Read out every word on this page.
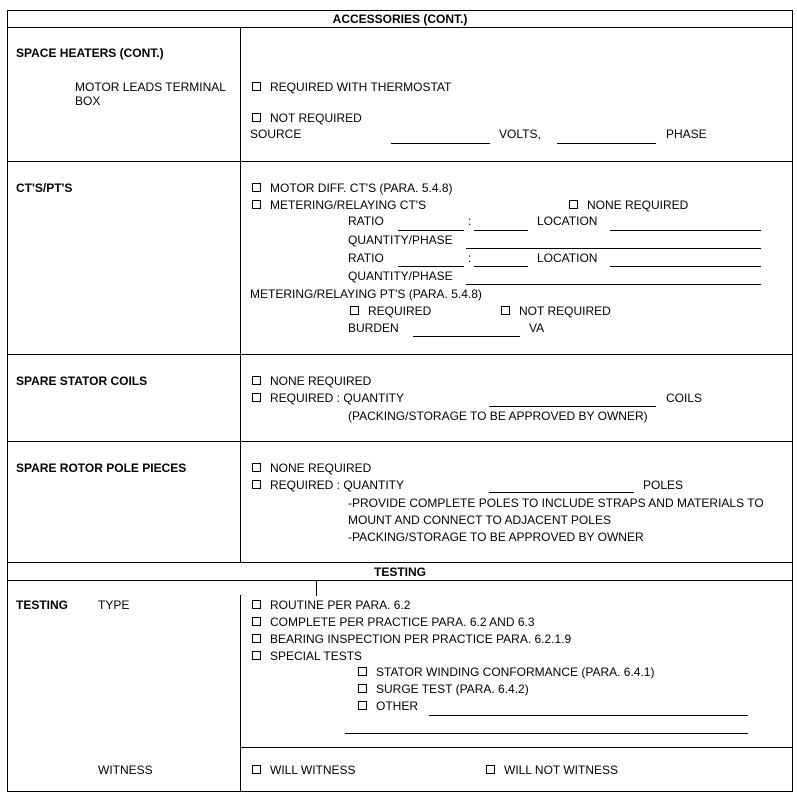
ACCESSORIES (CONT.)
SPACE HEATERS (CONT.)
MOTOR LEADS TERMINAL
BOX
REQUIRED WITH THERMOSTAT
NOT REQUIRED
SOURCE	VOLTS,	PHASE
CT'S/PT'S	MOTOR DIFF. CT'S (PARA. 5.4.8)
METERING/RELAYING CT'S	NONE REQUIRED
RATIO	:	LOCATION
QUANTITY/PHASE
RATIO	:	LOCATION
QUANTITY/PHASE
METERING/RELAYING PT'S (PARA. 5.4.8)
REQUIRED	NOT REQUIRED
BURDEN	VA
SPARE STATOR COILS	NONE REQUIRED
REQUIRED : QUANTITY	COILS
(PACKING/STORAGE TO BE APPROVED BY OWNER)
SPARE ROTOR POLE PIECES	NONE REQUIRED
REQUIRED : QUANTITY	POLES
-PROVIDE COMPLETE POLES TO INCLUDE STRAPS AND MATERIALS TO
MOUNT AND CONNECT TO ADJACENT POLES
-PACKING/STORAGE TO BE APPROVED BY OWNER
TESTING
TESTING TYPE	ROUTINE PER PARA. 6.2
COMPLETE PER PRACTICE PARA. 6.2 AND 6.3
BEARING INSPECTION PER PRACTICE PARA. 6.2.1.9
SPECIAL TESTS
STATOR WINDING CONFORMANCE (PARA. 6.4.1)
SURGE TEST (PARA. 6.4.2)
OTHER
WITNESS	WILL WITNESS	WILL NOT WITNESS
